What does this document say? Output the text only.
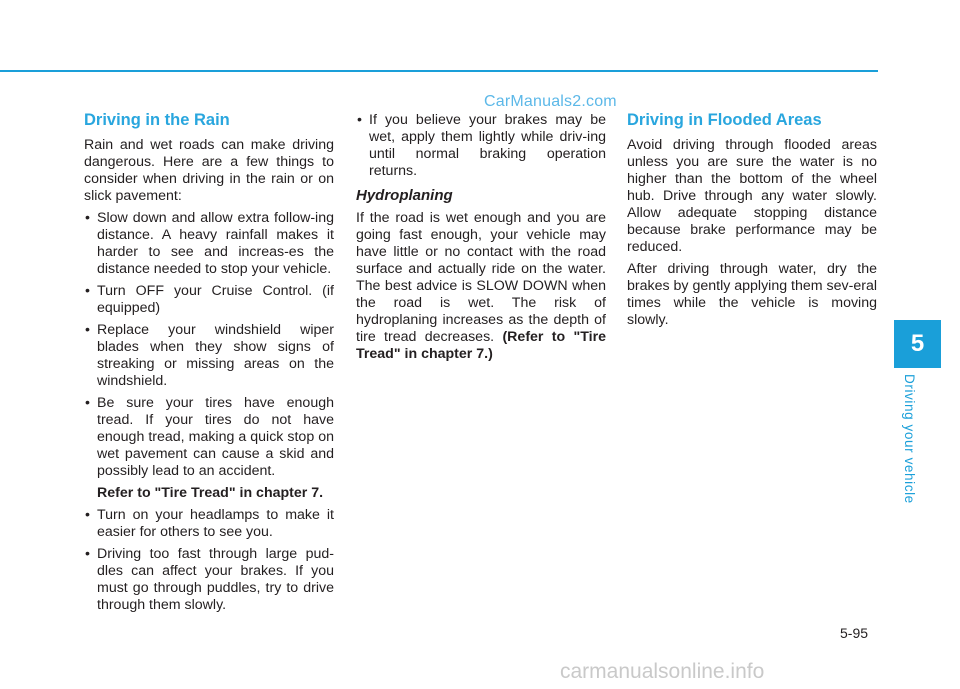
CarManuals2.com
Driving in the Rain

Rain and wet roads can make driving dangerous. Here are a few things to consider when driving in the rain or on slick pavement:

• Slow down and allow extra follow-ing distance. A heavy rainfall makes it harder to see and increas-es the distance needed to stop your vehicle.
• Turn OFF your Cruise Control. (if equipped)
• Replace your windshield wiper blades when they show signs of streaking or missing areas on the windshield.
• Be sure your tires have enough tread. If your tires do not have enough tread, making a quick stop on wet pavement can cause a skid and possibly lead to an accident.

Refer to "Tire Tread" in chapter 7.

• Turn on your headlamps to make it easier for others to see you.
• Driving too fast through large pud-dles can affect your brakes. If you must go through puddles, try to drive through them slowly.
• If you believe your brakes may be wet, apply them lightly while driv-ing until normal braking operation returns.
Hydroplaning

If the road is wet enough and you are going fast enough, your vehicle may have little or no contact with the road surface and actually ride on the water. The best advice is SLOW DOWN when the road is wet. The risk of hydroplaning increases as the depth of tire tread decreases. (Refer to "Tire Tread" in chapter 7.)

Driving in Flooded Areas

Avoid driving through flooded areas unless you are sure the water is no higher than the bottom of the wheel hub. Drive through any water slowly. Allow adequate stopping distance because brake performance may be reduced.

After driving through water, dry the brakes by gently applying them sev-eral times while the vehicle is moving slowly.

5
Driving your vehicle
5-95
carmanualsonline.info
